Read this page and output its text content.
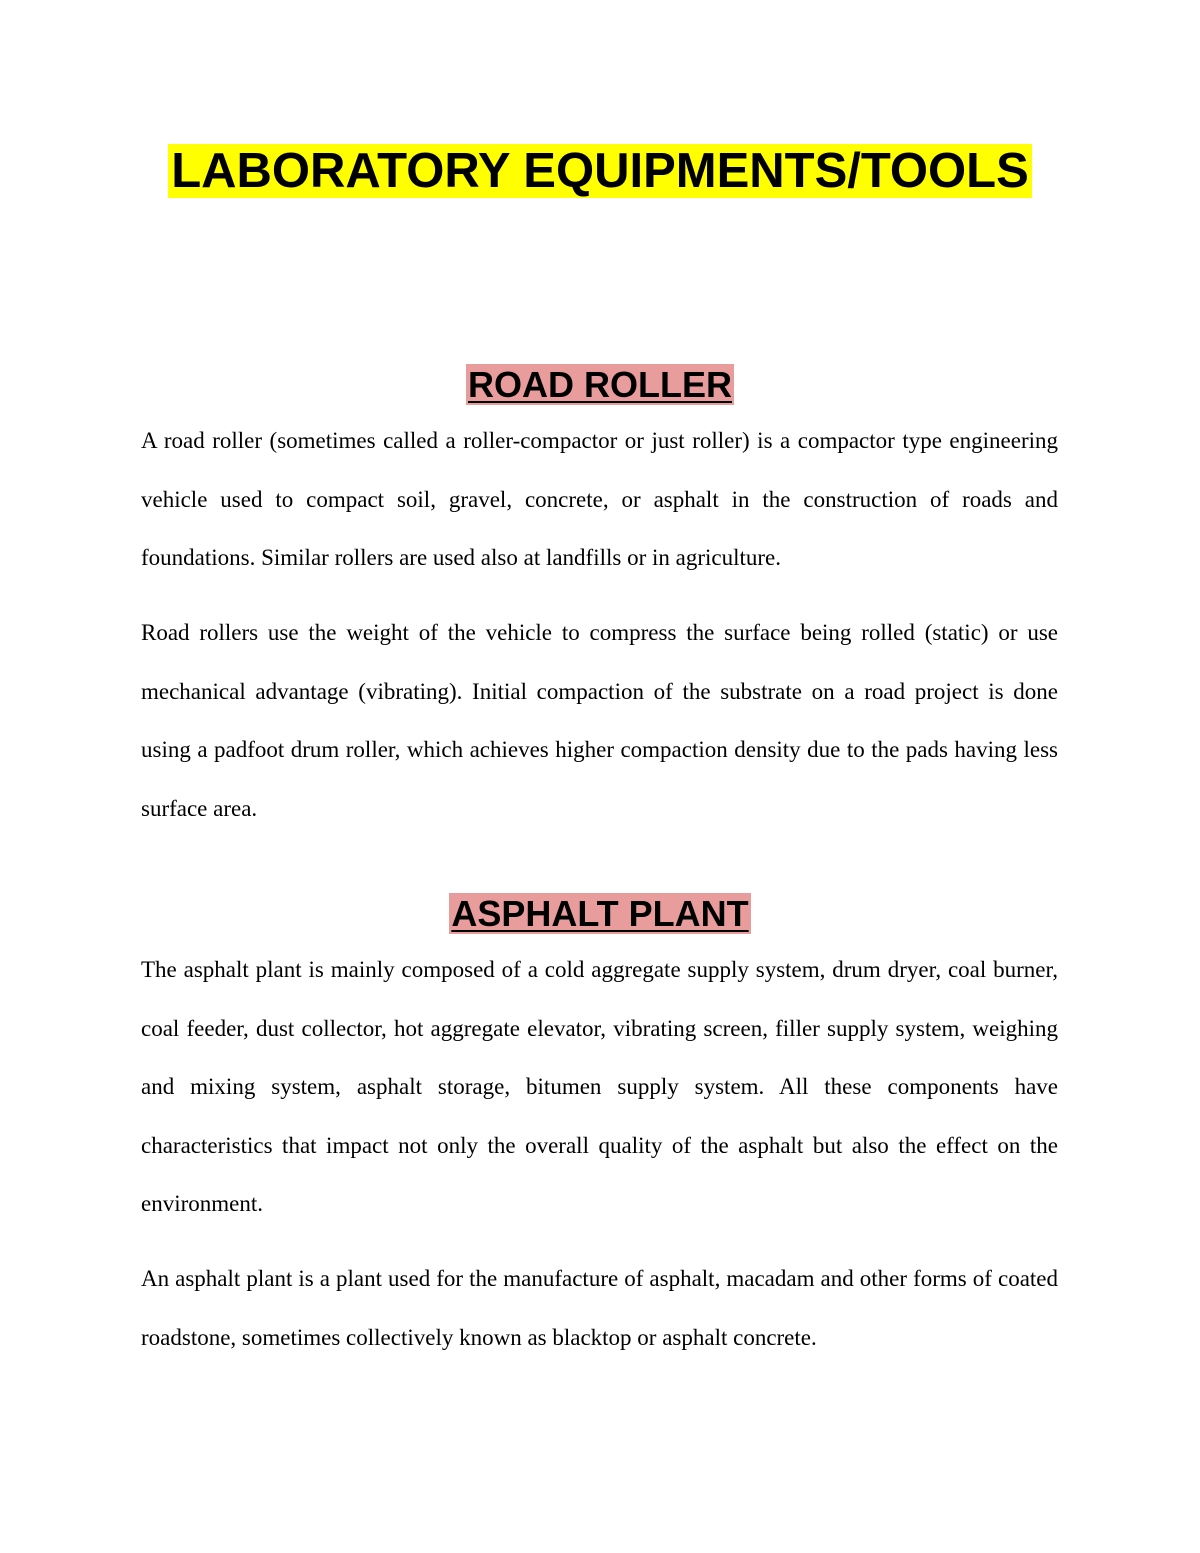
LABORATORY EQUIPMENTS/TOOLS
ROAD ROLLER

A road roller (sometimes called a roller-compactor or just roller) is a compactor type engineering vehicle used to compact soil, gravel, concrete, or asphalt in the construction of roads and foundations. Similar rollers are used also at landfills or in agriculture.

Road rollers use the weight of the vehicle to compress the surface being rolled (static) or use mechanical advantage (vibrating). Initial compaction of the substrate on a road project is done using a padfoot drum roller, which achieves higher compaction density due to the pads having less surface area.

ASPHALT PLANT

The asphalt plant is mainly composed of a cold aggregate supply system, drum dryer, coal burner, coal feeder, dust collector, hot aggregate elevator, vibrating screen, filler supply system, weighing and mixing system, asphalt storage, bitumen supply system. All these components have characteristics that impact not only the overall quality of the asphalt but also the effect on the environment.

An asphalt plant is a plant used for the manufacture of asphalt, macadam and other forms of coated roadstone, sometimes collectively known as blacktop or asphalt concrete.
